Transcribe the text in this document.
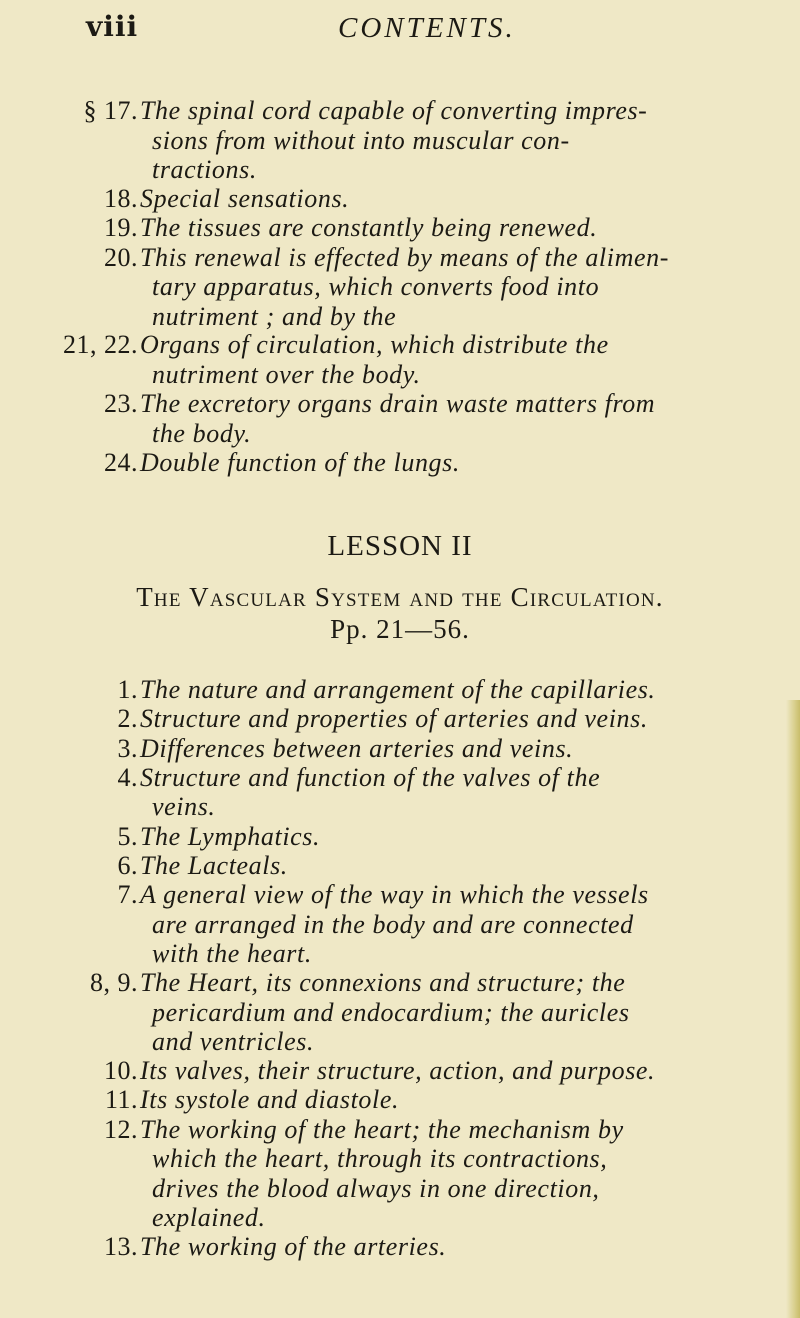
viii	CONTENTS.
§ 17. The spinal cord capable of converting impres-
sions from without into muscular con-
tractions.
18. Special sensations.
19. The tissues are constantly being renewed.
20. This renewal is effected by means of the alimen-
tary apparatus, which converts food into
nutriment ; and by the
21, 22. Organs of circulation, which distribute the
nutriment over the body.
23. The excretory organs drain waste matters from
the body.
24. Double function of the lungs.
LESSON II
The Vascular System and the Circulation.
Pp. 21—56.
1. The nature and arrangement of the capillaries.
2. Structure and properties of arteries and veins.
3. Differences between arteries and veins.
4. Structure and function of the valves of the
veins.
5. The Lymphatics.
6. The Lacteals.
7. A general view of the way in which the vessels
are arranged in the body and are connected
with the heart.
8, 9. The Heart, its connexions and structure; the
pericardium and endocardium; the auricles
and ventricles.
10. Its valves, their structure, action, and purpose.
11. Its systole and diastole.
12. The working of the heart; the mechanism by
which the heart, through its contractions,
drives the blood always in one direction,
explained.
13. The working of the arteries.
